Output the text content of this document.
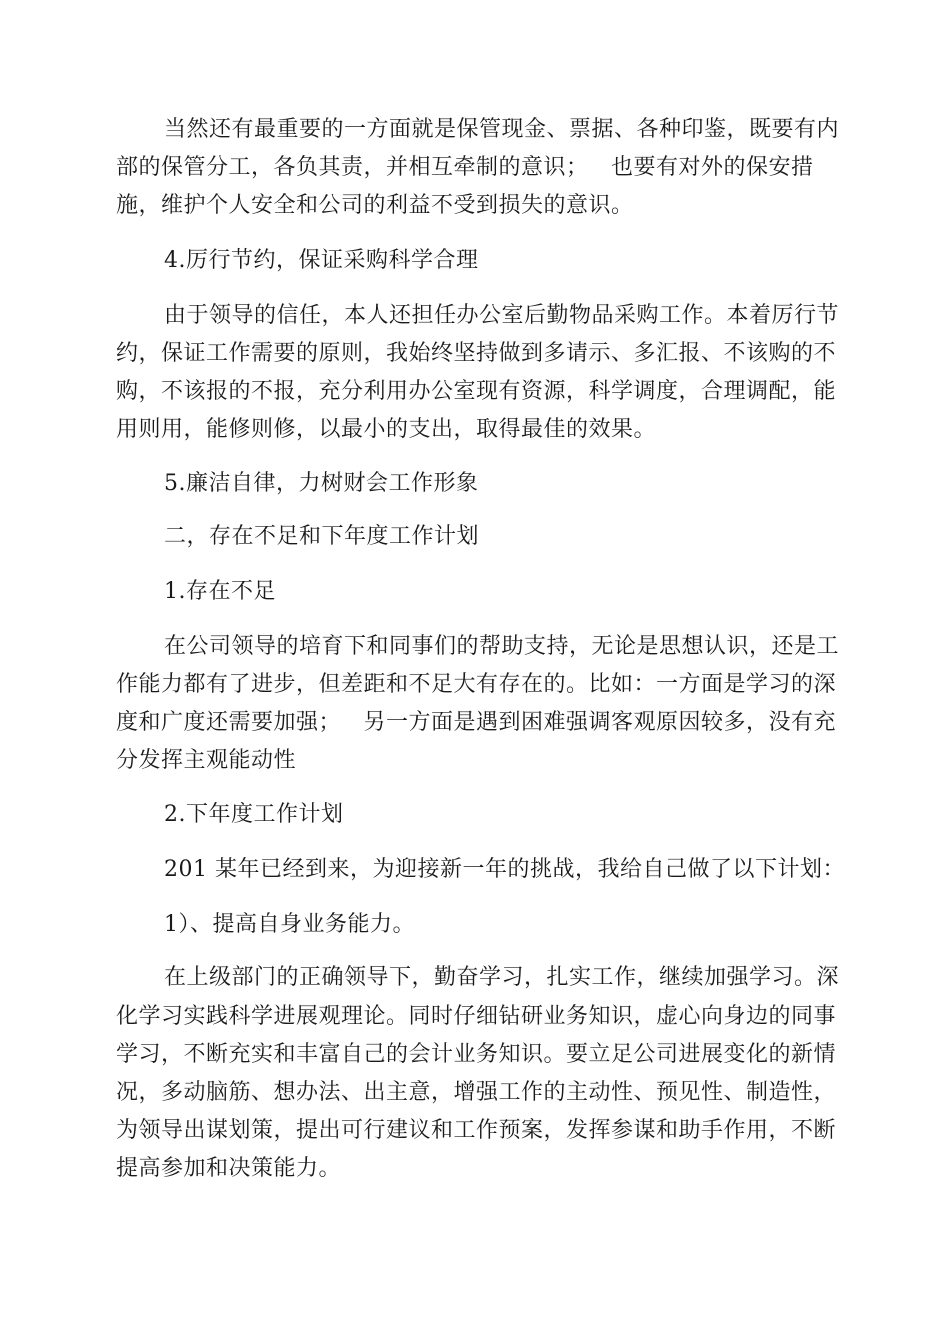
当然还有最重要的一方面就是保管现金、票据、各种印鉴，既要有内
部的保管分工，各负其责，并相互牵制的意识；   也要有对外的保安措
施，维护个人安全和公司的利益不受到损失的意识。
4.厉行节约，保证采购科学合理
由于领导的信任，本人还担任办公室后勤物品采购工作。本着厉行节
约，保证工作需要的原则，我始终坚持做到多请示、多汇报、不该购的不
购，不该报的不报，充分利用办公室现有资源，科学调度，合理调配，能
用则用，能修则修，以最小的支出，取得最佳的效果。
5.廉洁自律，力树财会工作形象
二，存在不足和下年度工作计划
1.存在不足
在公司领导的培育下和同事们的帮助支持，无论是思想认识，还是工
作能力都有了进步，但差距和不足大有存在的。比如：一方面是学习的深
度和广度还需要加强；   另一方面是遇到困难强调客观原因较多，没有充
分发挥主观能动性
2.下年度工作计划
201 某年已经到来，为迎接新一年的挑战，我给自己做了以下计划：
1）、提高自身业务能力。
在上级部门的正确领导下，勤奋学习，扎实工作，继续加强学习。深
化学习实践科学进展观理论。同时仔细钻研业务知识，虚心向身边的同事
学习，不断充实和丰富自己的会计业务知识。要立足公司进展变化的新情
况，多动脑筋、想办法、出主意，增强工作的主动性、预见性、制造性，
为领导出谋划策，提出可行建议和工作预案，发挥参谋和助手作用，不断
提高参加和决策能力。
